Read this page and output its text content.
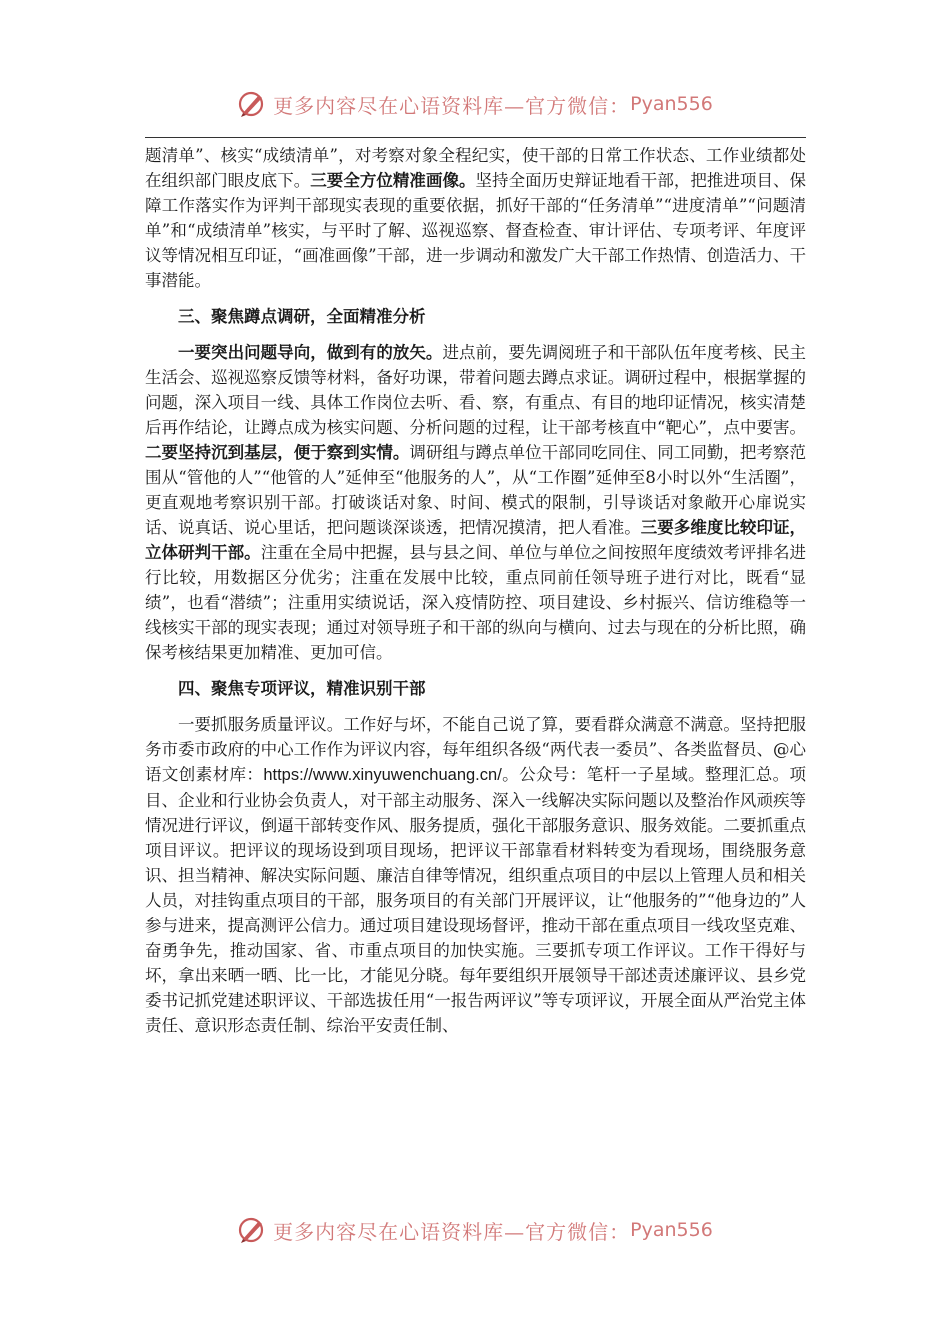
更多内容尽在心语资料库—官方微信： Pyan556

题清单”、核实“成绩清单”，对考察对象全程纪实，使干部的日常工作状态、工作业绩都处在组织部门眼皮底下。三要全方位精准画像。坚持全面历史辩证地看干部，把推进项目、保障工作落实作为评判干部现实表现的重要依据，抓好干部的“任务清单”“进度清单”“问题清单”和“成绩清单”核实，与平时了解、巡视巡察、督查检查、审计评估、专项考评、年度评议等情况相互印证，“画准画像”干部，进一步调动和激发广大干部工作热情、创造活力、干事潜能。

三、聚焦蹲点调研，全面精准分析

一要突出问题导向，做到有的放矢。进点前，要先调阅班子和干部队伍年度考核、民主生活会、巡视巡察反馈等材料，备好功课，带着问题去蹲点求证。调研过程中，根据掌握的问题，深入项目一线、具体工作岗位去听、看、察，有重点、有目的地印证情况，核实清楚后再作结论，让蹲点成为核实问题、分析问题的过程，让干部考核直中“靶心”，点中要害。二要坚持沉到基层，便于察到实情。调研组与蹲点单位干部同吃同住、同工同勤，把考察范围从“管他的人”“他管的人”延伸至“他服务的人”，从“工作圈”延伸至8小时以外“生活圈”，更直观地考察识别干部。打破谈话对象、时间、模式的限制，引导谈话对象敞开心扉说实话、说真话、说心里话，把问题谈深谈透，把情况摸清，把人看准。三要多维度比较印证，立体研判干部。注重在全局中把握，县与县之间、单位与单位之间按照年度绩效考评排名进行比较，用数据区分优劣；注重在发展中比较，重点同前任领导班子进行对比，既看“显绩”，也看“潜绩”；注重用实绩说话，深入疫情防控、项目建设、乡村振兴、信访维稳等一线核实干部的现实表现；通过对领导班子和干部的纵向与横向、过去与现在的分析比照，确保考核结果更加精准、更加可信。

四、聚焦专项评议，精准识别干部

一要抓服务质量评议。工作好与坏，不能自己说了算，要看群众满意不满意。坚持把服务市委市政府的中心工作作为评议内容，每年组织各级“两代表一委员”、各类监督员、@心语文创素材库：https://www.xinyuwenchuang.cn/。公众号：笔杆一子星域。整理汇总。项目、企业和行业协会负责人，对干部主动服务、深入一线解决实际问题以及整治作风顽疾等情况进行评议，倒逼干部转变作风、服务提质，强化干部服务意识、服务效能。二要抓重点项目评议。把评议的现场设到项目现场，把评议干部靠看材料转变为看现场，围绕服务意识、担当精神、解决实际问题、廉洁自律等情况，组织重点项目的中层以上管理人员和相关人员，对挂钩重点项目的干部，服务项目的有关部门开展评议，让“他服务的”“他身边的”人参与进来，提高测评公信力。通过项目建设现场督评，推动干部在重点项目一线攻坚克难、奋勇争先，推动国家、省、市重点项目的加快实施。三要抓专项工作评议。工作干得好与坏，拿出来晒一晒、比一比，才能见分晓。每年要组织开展领导干部述责述廉评议、县乡党委书记抓党建述职评议、干部选拔任用“一报告两评议”等专项评议，开展全面从严治党主体责任、意识形态责任制、综治平安责任制、

更多内容尽在心语资料库—官方微信： Pyan556
